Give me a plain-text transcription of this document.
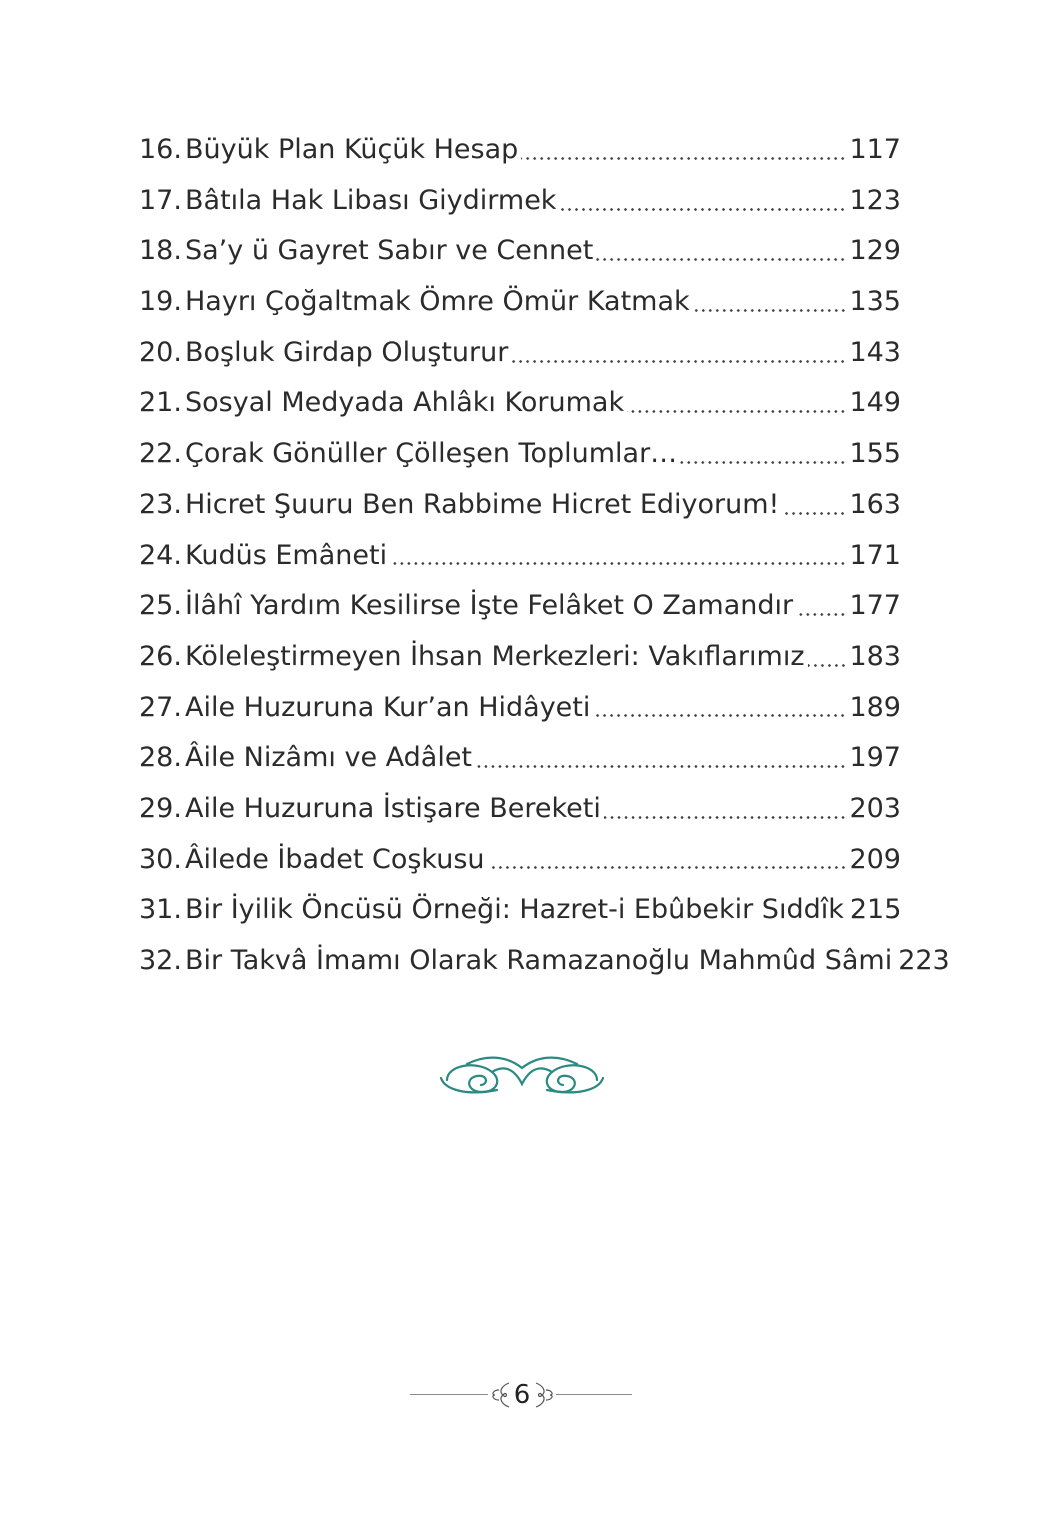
16. Büyük Plan Küçük Hesap	117
17. Bâtıla Hak Libası Giydirmek	123
18. Sa’y ü Gayret Sabır ve Cennet	129
19. Hayrı Çoğaltmak Ömre Ömür Katmak	135
20. Boşluk Girdap Oluşturur	143
21. Sosyal Medyada Ahlâkı Korumak	149
22. Çorak Gönüller Çölleşen Toplumlar…	155
23. Hicret Şuuru Ben Rabbime Hicret Ediyorum!	163
24. Kudüs Emâneti	171
25. İlâhî Yardım Kesilirse İşte Felâket O Zamandır 177
26. Köleleştirmeyen İhsan Merkezleri: Vakıflarımız 183
27. Aile Huzuruna Kur’an Hidâyeti	189
28. Âile Nizâmı ve Adâlet	197
29. Aile Huzuruna İstişare Bereketi	203
30. Âilede İbadet Coşkusu	209
31. Bir İyilik Öncüsü Örneği: Hazret-i Ebûbekir Sıddîk 215
32. Bir Takvâ İmamı Olarak Ramazanoğlu Mahmûd Sâmi 223
6
